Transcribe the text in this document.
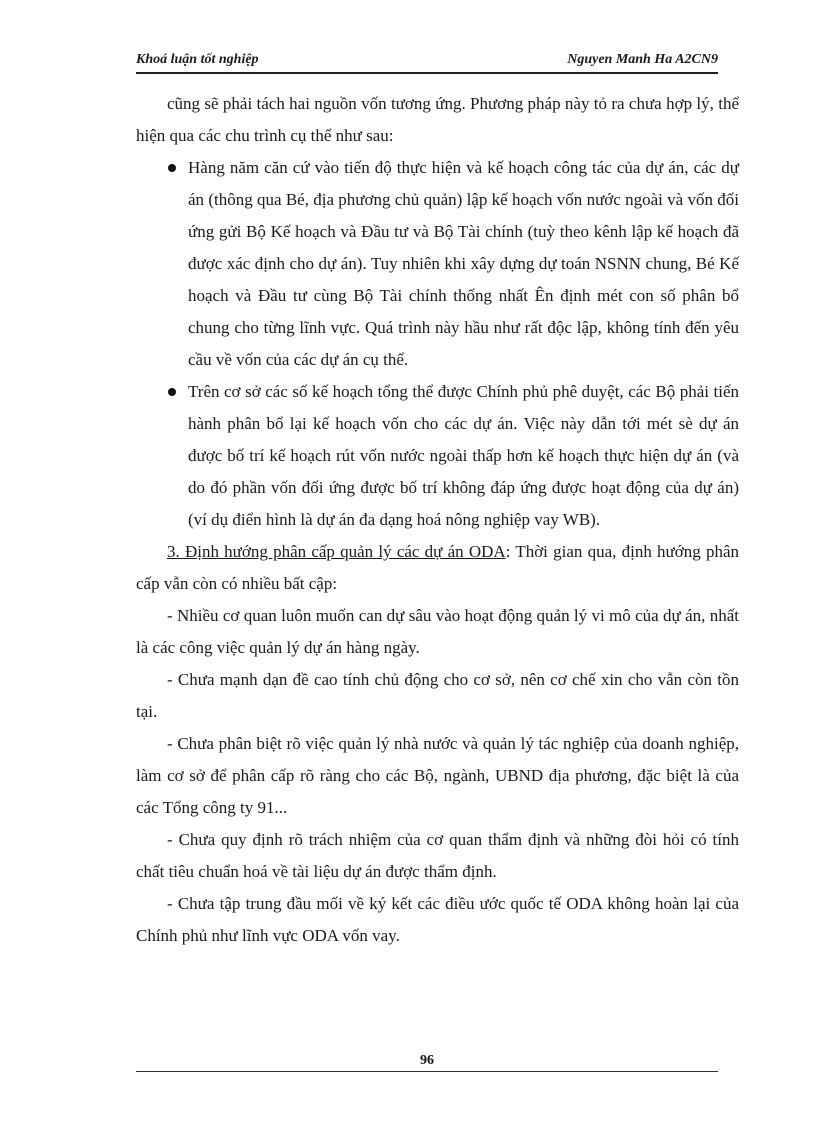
Khoá luận tốt nghiệp	Nguyen Manh Ha A2CN9

cũng sẽ phải tách hai nguồn vốn tương ứng. Phương pháp này tỏ ra chưa hợp lý, thể hiện qua các chu trình cụ thể như sau:

Hàng năm căn cứ vào tiến độ thực hiện và kế hoạch công tác của dự án, các dự án (thông qua Bé, địa phương chủ quản) lập kế hoạch vốn nước ngoài và vốn đối ứng gửi Bộ Kế hoạch và Đầu tư và Bộ Tài chính (tuỳ theo kênh lập kế hoạch đã được xác định cho dự án). Tuy nhiên khi xây dựng dự toán NSNN chung, Bé Kế hoạch và Đầu tư cùng Bộ Tài chính thống nhất Ên định mét con số phân bổ chung cho từng lĩnh vực. Quá trình này hầu như rất độc lập, không tính đến yêu cầu về vốn của các dự án cụ thể.
Trên cơ sở các số kế hoạch tổng thể được Chính phủ phê duyệt, các Bộ phải tiến hành phân bổ lại kế hoạch vốn cho các dự án. Việc này dẫn tới mét sè dự án được bố trí kế hoạch rút vốn nước ngoài thấp hơn kế hoạch thực hiện dự án (và do đó phần vốn đối ứng được bố trí không đáp ứng được hoạt động của dự án) (ví dụ điển hình là dự án đa dạng hoá nông nghiệp vay WB).

3. Định hướng phân cấp quản lý các dự án ODA: Thời gian qua, định hướng phân cấp vẫn còn có nhiều bất cập:

- Nhiều cơ quan luôn muốn can dự sâu vào hoạt động quản lý vi mô của dự án, nhất là các công việc quản lý dự án hàng ngày.

- Chưa mạnh dạn đề cao tính chủ động cho cơ sở, nên cơ chế xin cho vẫn còn tồn tại.

- Chưa phân biệt rõ việc quản lý nhà nước và quản lý tác nghiệp của doanh nghiệp, làm cơ sở để phân cấp rõ ràng cho các Bộ, ngành, UBND địa phương, đặc biệt là của các Tổng công ty 91...

- Chưa quy định rõ trách nhiệm của cơ quan thẩm định và những đòi hỏi có tính chất tiêu chuẩn hoá về tài liệu dự án được thẩm định.

- Chưa tập trung đầu mối về ký kết các điều ước quốc tế ODA không hoàn lại của Chính phủ như lĩnh vực ODA vốn vay.

96
